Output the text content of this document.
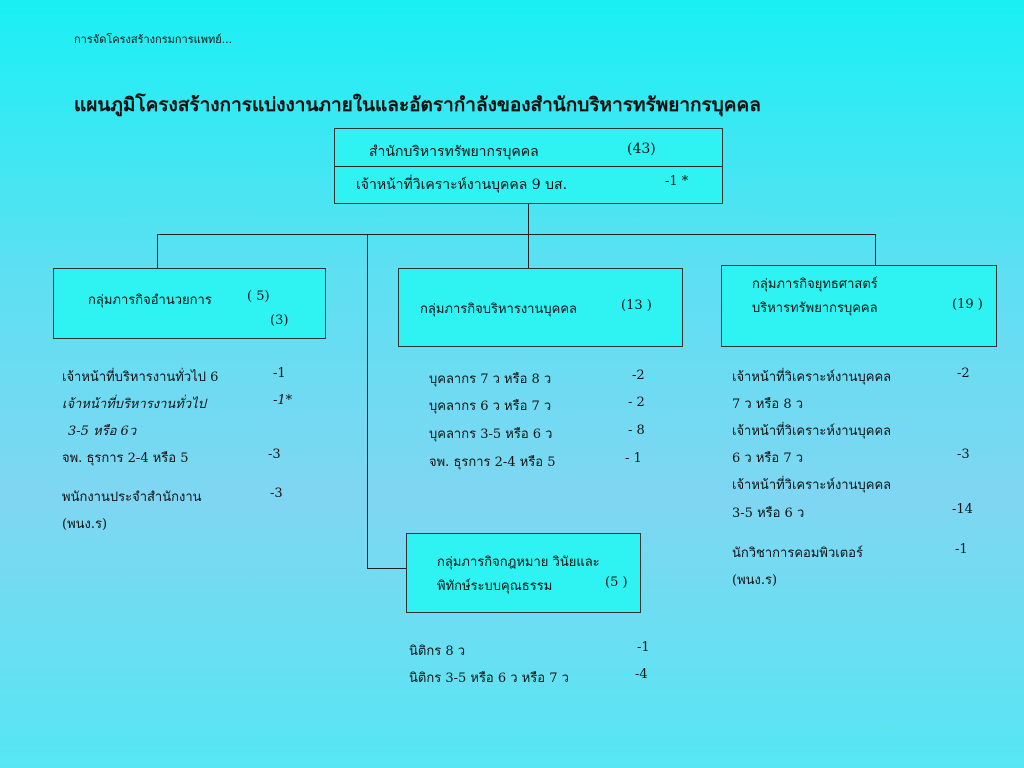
การจัดโครงสร้างกรมการแพทย์...
แผนภูมิโครงสร้างการแบ่งงานภายในและอัตรากำลังของสำนักบริหารทรัพยากรบุคคล
สำนักบริหารทรัพยากรบุคคล	(43)
เจ้าหน้าที่วิเคราะห์งานบุคคล 9 บส.	-1 *
กลุ่มภารกิจอำนวยการ	( 5)
(3)
กลุ่มภารกิจบริหารงานบุคคล	(13 )
กลุ่มภารกิจยุทธศาสตร์
บริหารทรัพยากรบุคคล	(19 )
กลุ่มภารกิจกฎหมาย วินัยและ
พิทักษ์ระบบคุณธรรม	(5 )
เจ้าหน้าที่บริหารงานทั่วไป 6	-1
เจ้าหน้าที่บริหารงานทั่วไป	-1*
3-5 หรือ 6ว
จพ. ธุรการ 2-4 หรือ 5	-3
พนักงานประจำสำนักงาน	-3
(พนง.ร)
บุคลากร 7 ว หรือ 8 ว	-2
บุคลากร 6 ว หรือ 7 ว	- 2
บุคลากร 3-5 หรือ 6 ว	- 8
จพ. ธุรการ 2-4 หรือ 5	- 1
เจ้าหน้าที่วิเคราะห์งานบุคคล	-2
7 ว หรือ 8 ว
เจ้าหน้าที่วิเคราะห์งานบุคคล
6 ว หรือ 7 ว	-3
เจ้าหน้าที่วิเคราะห์งานบุคคล
3-5 หรือ 6 ว	-14
นักวิชาการคอมพิวเตอร์	-1
(พนง.ร)
นิติกร 8 ว	-1
นิติกร 3-5 หรือ 6 ว หรือ 7 ว	-4
